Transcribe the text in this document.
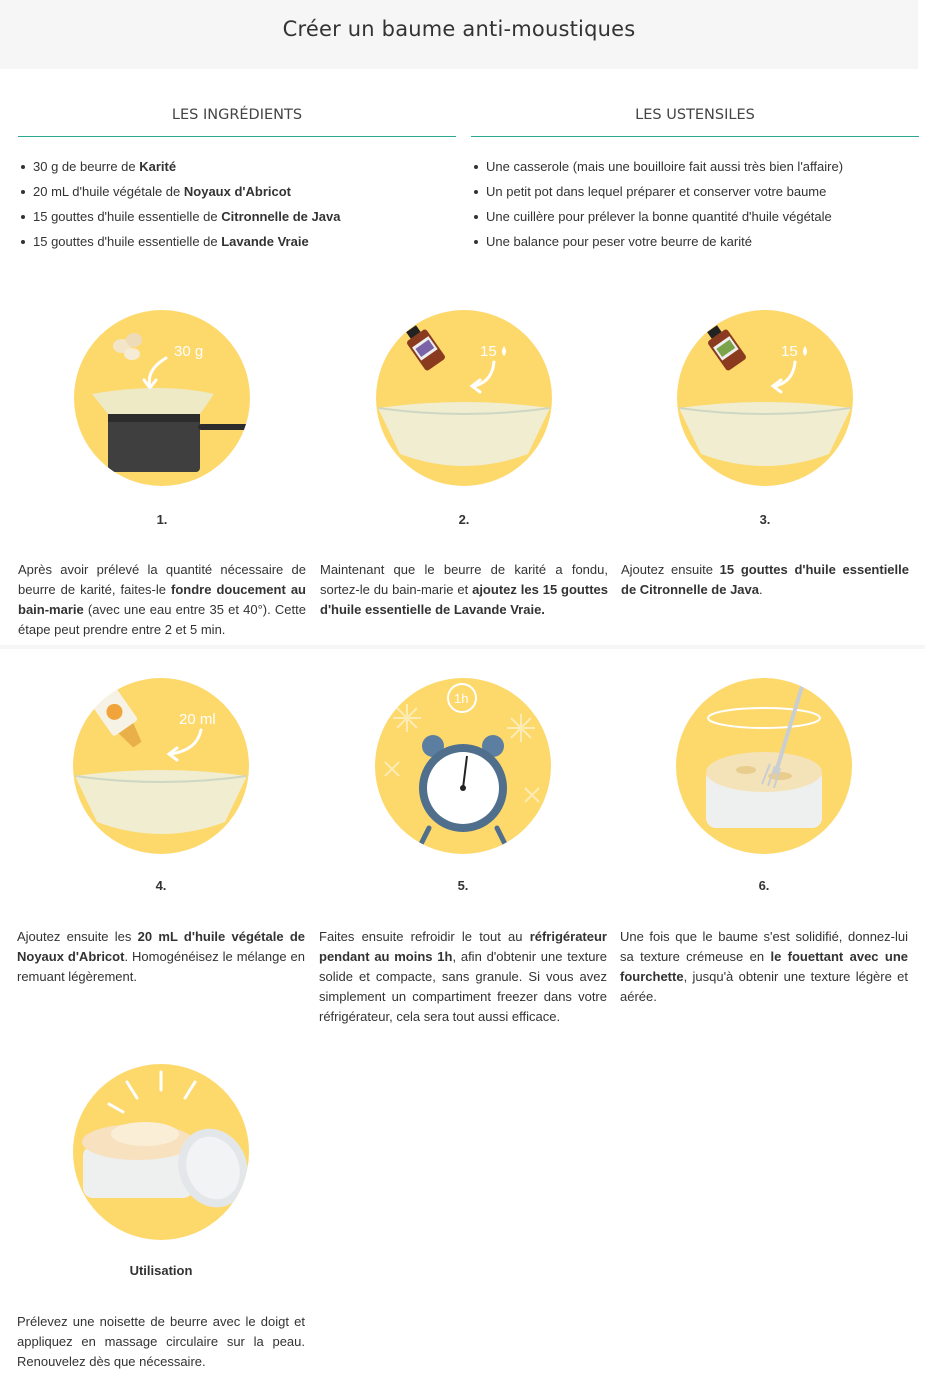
Créer un baume anti-moustiques
LES INGRÉDIENTS	LES USTENSILES
30 g de beurre de Karité
20 mL d'huile végétale de Noyaux d'Abricot
15 gouttes d'huile essentielle de Citronnelle de Java
15 gouttes d'huile essentielle de Lavande Vraie
Une casserole (mais une bouilloire fait aussi très bien l'affaire)
Un petit pot dans lequel préparer et conserver votre baume
Une cuillère pour prélever la bonne quantité d'huile végétale
Une balance pour peser votre beurre de karité
30 g
1.
Après avoir prélevé la quantité nécessaire de beurre de karité, faites-le fondre doucement au bain-marie (avec une eau entre 35 et 40°). Cette étape peut prendre entre 2 et 5 min.
15
2.
Maintenant que le beurre de karité a fondu, sortez-le du bain-marie et ajoutez les 15 gouttes d'huile essentielle de Lavande Vraie.
15
3.
Ajoutez ensuite 15 gouttes d'huile essentielle de Citronnelle de Java.
20 ml
4.
Ajoutez ensuite les 20 mL d'huile végétale de Noyaux d'Abricot. Homogénéisez le mélange en remuant légèrement.
1h
5.
Faites ensuite refroidir le tout au réfrigérateur pendant au moins 1h, afin d'obtenir une texture solide et compacte, sans granule. Si vous avez simplement un compartiment freezer dans votre réfrigérateur, cela sera tout aussi efficace.
6.
Une fois que le baume s'est solidifié, donnez-lui sa texture crémeuse en le fouettant avec une fourchette, jusqu'à obtenir une texture légère et aérée.
Utilisation
Prélevez une noisette de beurre avec le doigt et appliquez en massage circulaire sur la peau. Renouvelez dès que nécessaire.
